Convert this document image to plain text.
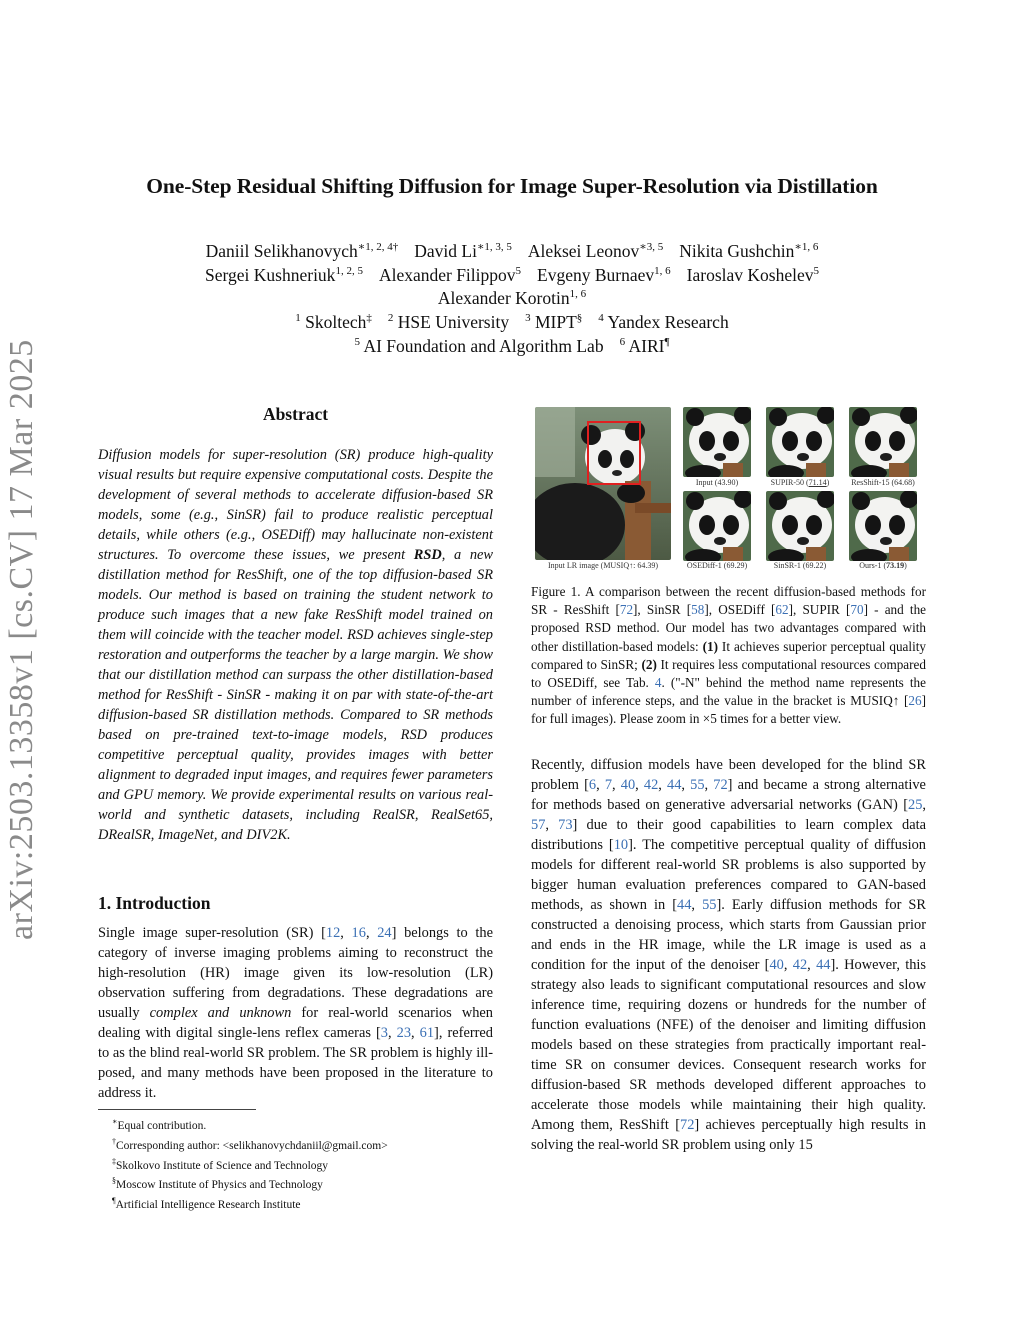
arXiv:2503.13358v1 [cs.CV] 17 Mar 2025
One-Step Residual Shifting Diffusion for Image Super-Resolution via Distillation
Daniil Selikhanovych$^{∗1, 2, 4\dagger}$ David $Li^{∗1, 3, 5}$ Aleksei Leonov$^{∗3, 5}$ Nikita Gushchin$^{∗1, 6}$
Sergei Kushneriuk$^{1, 2, 5}$ Alexander Filippov$^5$ Evgeny Burnaev$^{1, 6}$ Iaroslav Koshelev$^5$
Alexander Korotin$^{1, 6}$
$^1$ Skoltech‡ $^2$ HSE University $^3$ MIPT§ $^4$ Yandex Research
$^5$ AI Foundation and Algorithm Lab $^6$ AIRI¶
Abstract
Diffusion models for super-resolution (SR) produce high-quality visual results but require expensive computational costs. Despite the development of several methods to accelerate diffusion-based SR models, some (e.g., SinSR) fail to produce realistic perceptual details, while others (e.g., OSEDiff) may hallucinate non-existent structures. To overcome these issues, we present RSD, a new distillation method for ResShift, one of the top diffusion-based SR models. Our method is based on training the student network to produce such images that a new fake ResShift model trained on them will coincide with the teacher model. RSD achieves single-step restoration and outperforms the teacher by a large margin. We show that our distillation method can surpass the other distillation-based method for ResShift - SinSR - making it on par with state-of-the-art diffusion-based SR distillation methods. Compared to SR methods based on pre-trained text-to-image models, RSD produces competitive perceptual quality, provides images with better alignment to degraded input images, and requires fewer parameters and GPU memory. We provide experimental results on various real-world and synthetic datasets, including RealSR, RealSet65, DRealSR, ImageNet, and DIV2K.
1. Introduction
Single image super-resolution (SR) [12, 16, 24] belongs to the category of inverse imaging problems aiming to reconstruct the high-resolution (HR) image given its low-resolution (LR) observation suffering from degradations. These degradations are usually complex and unknown for real-world scenarios when dealing with digital single-lens reflex cameras [3, 23, 61], referred to as the blind real-world SR problem. The SR problem is highly ill-posed, and many methods have been proposed in the literature to address it.
∗Equal contribution.
†Corresponding author: <selikhanovychdaniil@gmail.com>
‡Skolkovo Institute of Science and Technology
§Moscow Institute of Physics and Technology
¶Artificial Intelligence Research Institute
Input LR image (MUSIQ↑: 64.39)
Input (43.90)	SUPIR-50 (71.14)	ResShift-15 (64.68)
OSEDiff-1 (69.29)	SinSR-1 (69.22)	Ours-1 (73.19)
Figure 1. A comparison between the recent diffusion-based methods for SR - ResShift [72], SinSR [58], OSEDiff [62], SUPIR [70] - and the proposed RSD method. Our model has two advantages compared with other distillation-based models: (1) It achieves superior perceptual quality compared to SinSR; (2) It requires less computational resources compared to OSEDiff, see Tab. 4. ("-N" behind the method name represents the number of inference steps, and the value in the bracket is MUSIQ↑ [26] for full images). Please zoom in ×5 times for a better view.
Recently, diffusion models have been developed for the blind SR problem [6, 7, 40, 42, 44, 55, 72] and became a strong alternative for methods based on generative adversarial networks (GAN) [25, 57, 73] due to their good capabilities to learn complex data distributions [10]. The competitive perceptual quality of diffusion models for different real-world SR problems is also supported by bigger human evaluation preferences compared to GAN-based methods, as shown in [44, 55]. Early diffusion methods for SR constructed a denoising process, which starts from Gaussian prior and ends in the HR image, while the LR image is used as a condition for the input of the denoiser [40, 42, 44]. However, this strategy also leads to significant computational resources and slow inference time, requiring dozens or hundreds for the number of function evaluations (NFE) of the denoiser and limiting diffusion models based on these strategies from practically important real-time SR on consumer devices. Consequent research works for diffusion-based SR methods developed different approaches to accelerate those models while maintaining their high quality. Among them, ResShift [72] achieves perceptually high results in solving the real-world SR problem using only 15
